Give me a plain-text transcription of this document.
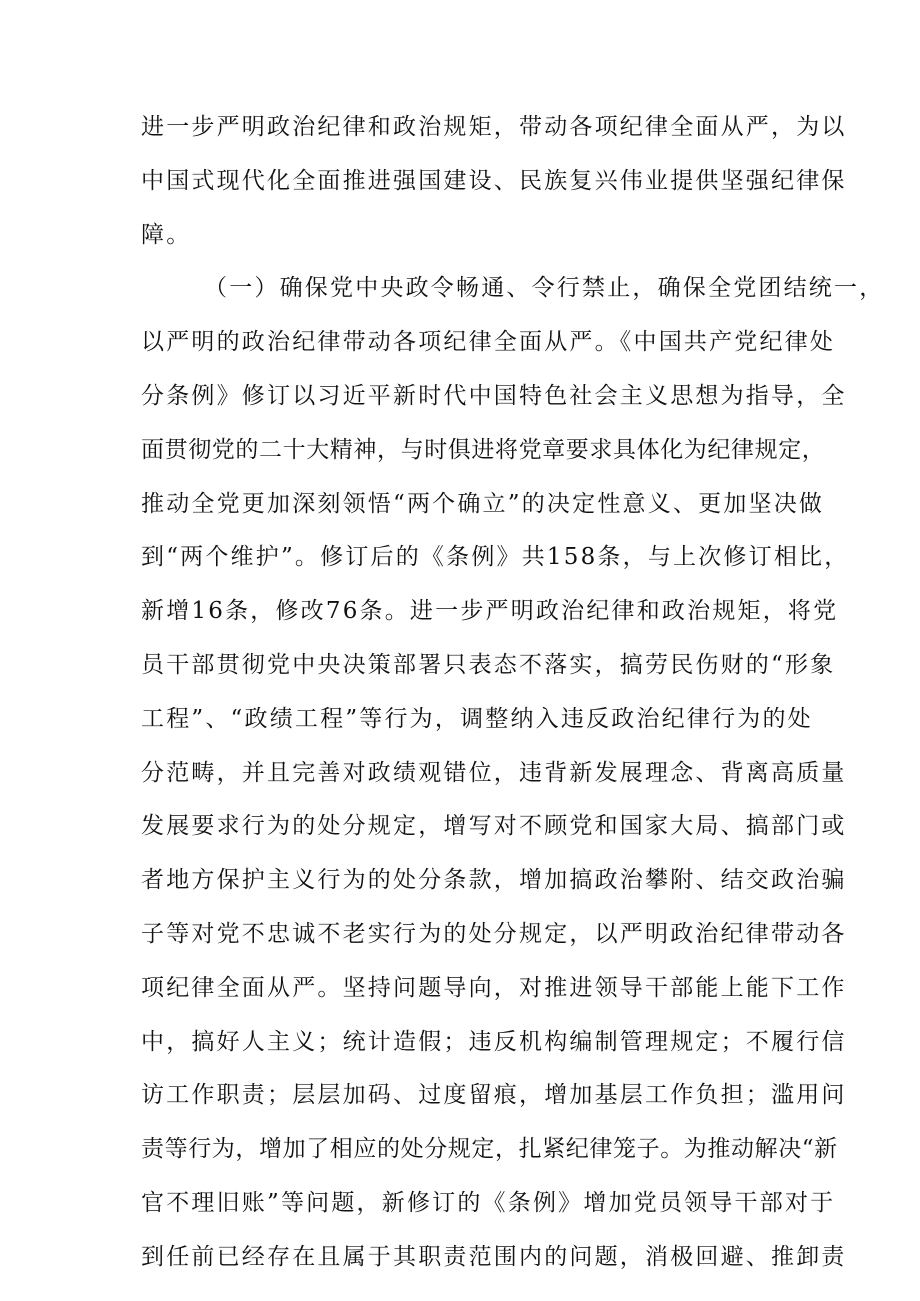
进一步严明政治纪律和政治规矩，带动各项纪律全面从严，为以
中国式现代化全面推进强国建设、民族复兴伟业提供坚强纪律保
障。
（一）确保党中央政令畅通、令行禁止，确保全党团结统一，
以严明的政治纪律带动各项纪律全面从严。《中国共产党纪律处
分条例》修订以习近平新时代中国特色社会主义思想为指导，全
面贯彻党的二十大精神，与时俱进将党章要求具体化为纪律规定，
推动全党更加深刻领悟“两个确立”的决定性意义、更加坚决做
到“两个维护”。修订后的《条例》共158条，与上次修订相比，
新增16条，修改76条。进一步严明政治纪律和政治规矩，将党
员干部贯彻党中央决策部署只表态不落实，搞劳民伤财的“形象
工程”、“政绩工程”等行为，调整纳入违反政治纪律行为的处
分范畴，并且完善对政绩观错位，违背新发展理念、背离高质量
发展要求行为的处分规定，增写对不顾党和国家大局、搞部门或
者地方保护主义行为的处分条款，增加搞政治攀附、结交政治骗
子等对党不忠诚不老实行为的处分规定，以严明政治纪律带动各
项纪律全面从严。坚持问题导向，对推进领导干部能上能下工作
中，搞好人主义；统计造假；违反机构编制管理规定；不履行信
访工作职责；层层加码、过度留痕，增加基层工作负担；滥用问
责等行为，增加了相应的处分规定，扎紧纪律笼子。为推动解决“新
官不理旧账”等问题，新修订的《条例》增加党员领导干部对于
到任前已经存在且属于其职责范围内的问题，消极回避、推卸责
